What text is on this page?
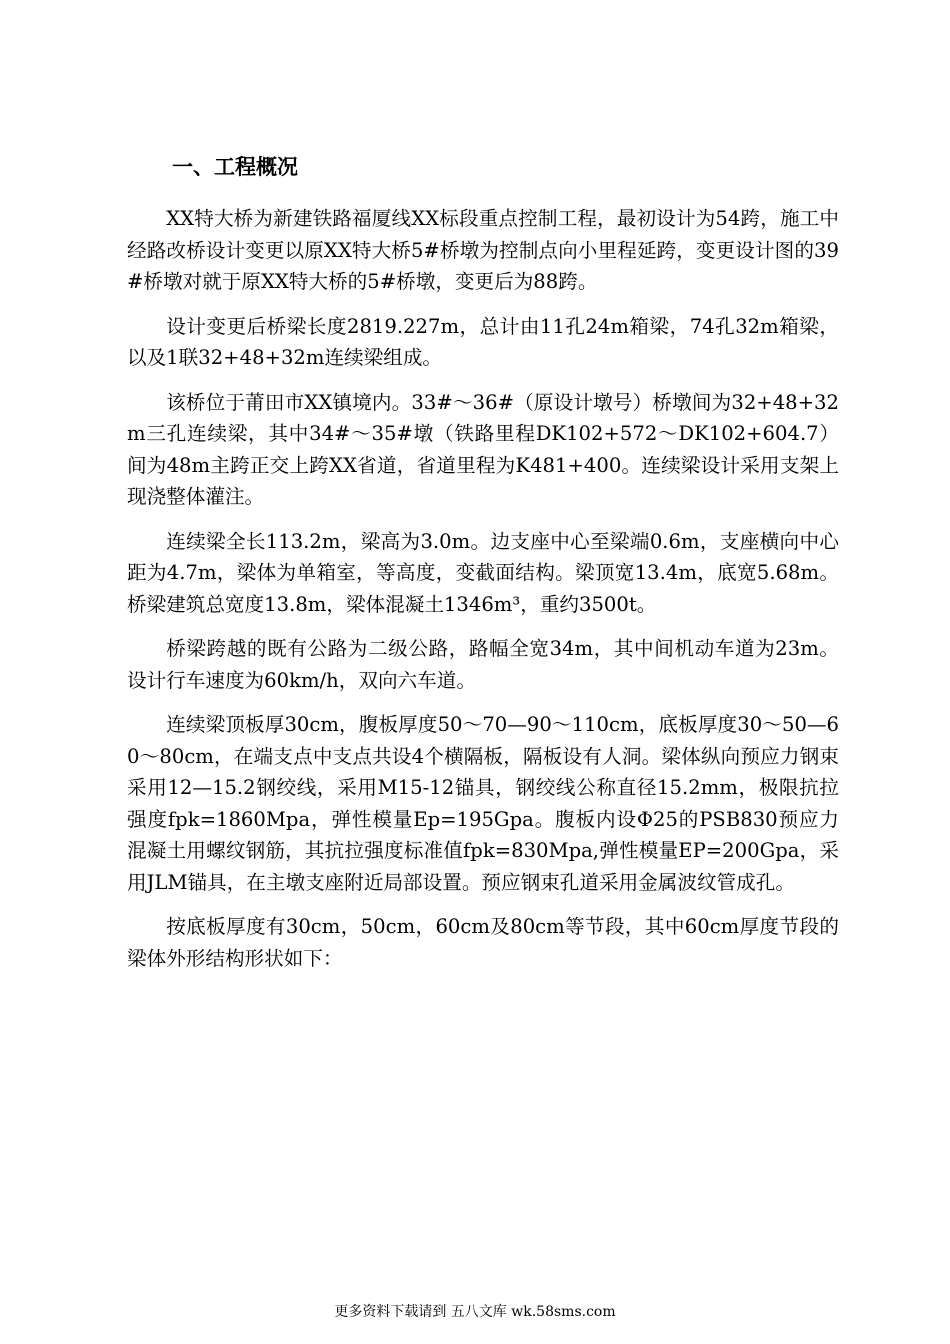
一、工程概况

XX特大桥为新建铁路福厦线XX标段重点控制工程，最初设计为54跨，施工中经路改桥设计变更以原XX特大桥5#桥墩为控制点向小里程延跨，变更设计图的39#桥墩对就于原XX特大桥的5#桥墩，变更后为88跨。

设计变更后桥梁长度2819.227m，总计由11孔24m箱梁，74孔32m箱梁，以及1联32+48+32m连续梁组成。

该桥位于莆田市XX镇境内。33#～36#（原设计墩号）桥墩间为32+48+32m三孔连续梁，其中34#～35#墩（铁路里程DK102+572～DK102+604.7）间为48m主跨正交上跨XX省道，省道里程为K481+400。连续梁设计采用支架上现浇整体灌注。

连续梁全长113.2m，梁高为3.0m。边支座中心至梁端0.6m，支座横向中心距为4.7m，梁体为单箱室，等高度，变截面结构。梁顶宽13.4m，底宽5.68m。桥梁建筑总宽度13.8m，梁体混凝土1346m³，重约3500t。

桥梁跨越的既有公路为二级公路，路幅全宽34m，其中间机动车道为23m。设计行车速度为60km/h，双向六车道。

连续梁顶板厚30cm，腹板厚度50～70—90～110cm，底板厚度30～50—60～80cm，在端支点中支点共设4个横隔板，隔板设有人洞。梁体纵向预应力钢束采用12—15.2钢绞线，采用M15-12锚具，钢绞线公称直径15.2mm，极限抗拉强度fpk=1860Mpa，弹性模量Ep=195Gpa。腹板内设Φ25的PSB830预应力混凝土用螺纹钢筋，其抗拉强度标准值fpk=830Mpa,弹性模量EP=200Gpa，采用JLM锚具，在主墩支座附近局部设置。预应钢束孔道采用金属波纹管成孔。

按底板厚度有30cm，50cm，60cm及80cm等节段，其中60cm厚度节段的梁体外形结构形状如下：

更多资料下载请到 五八文库 wk.58sms.com
